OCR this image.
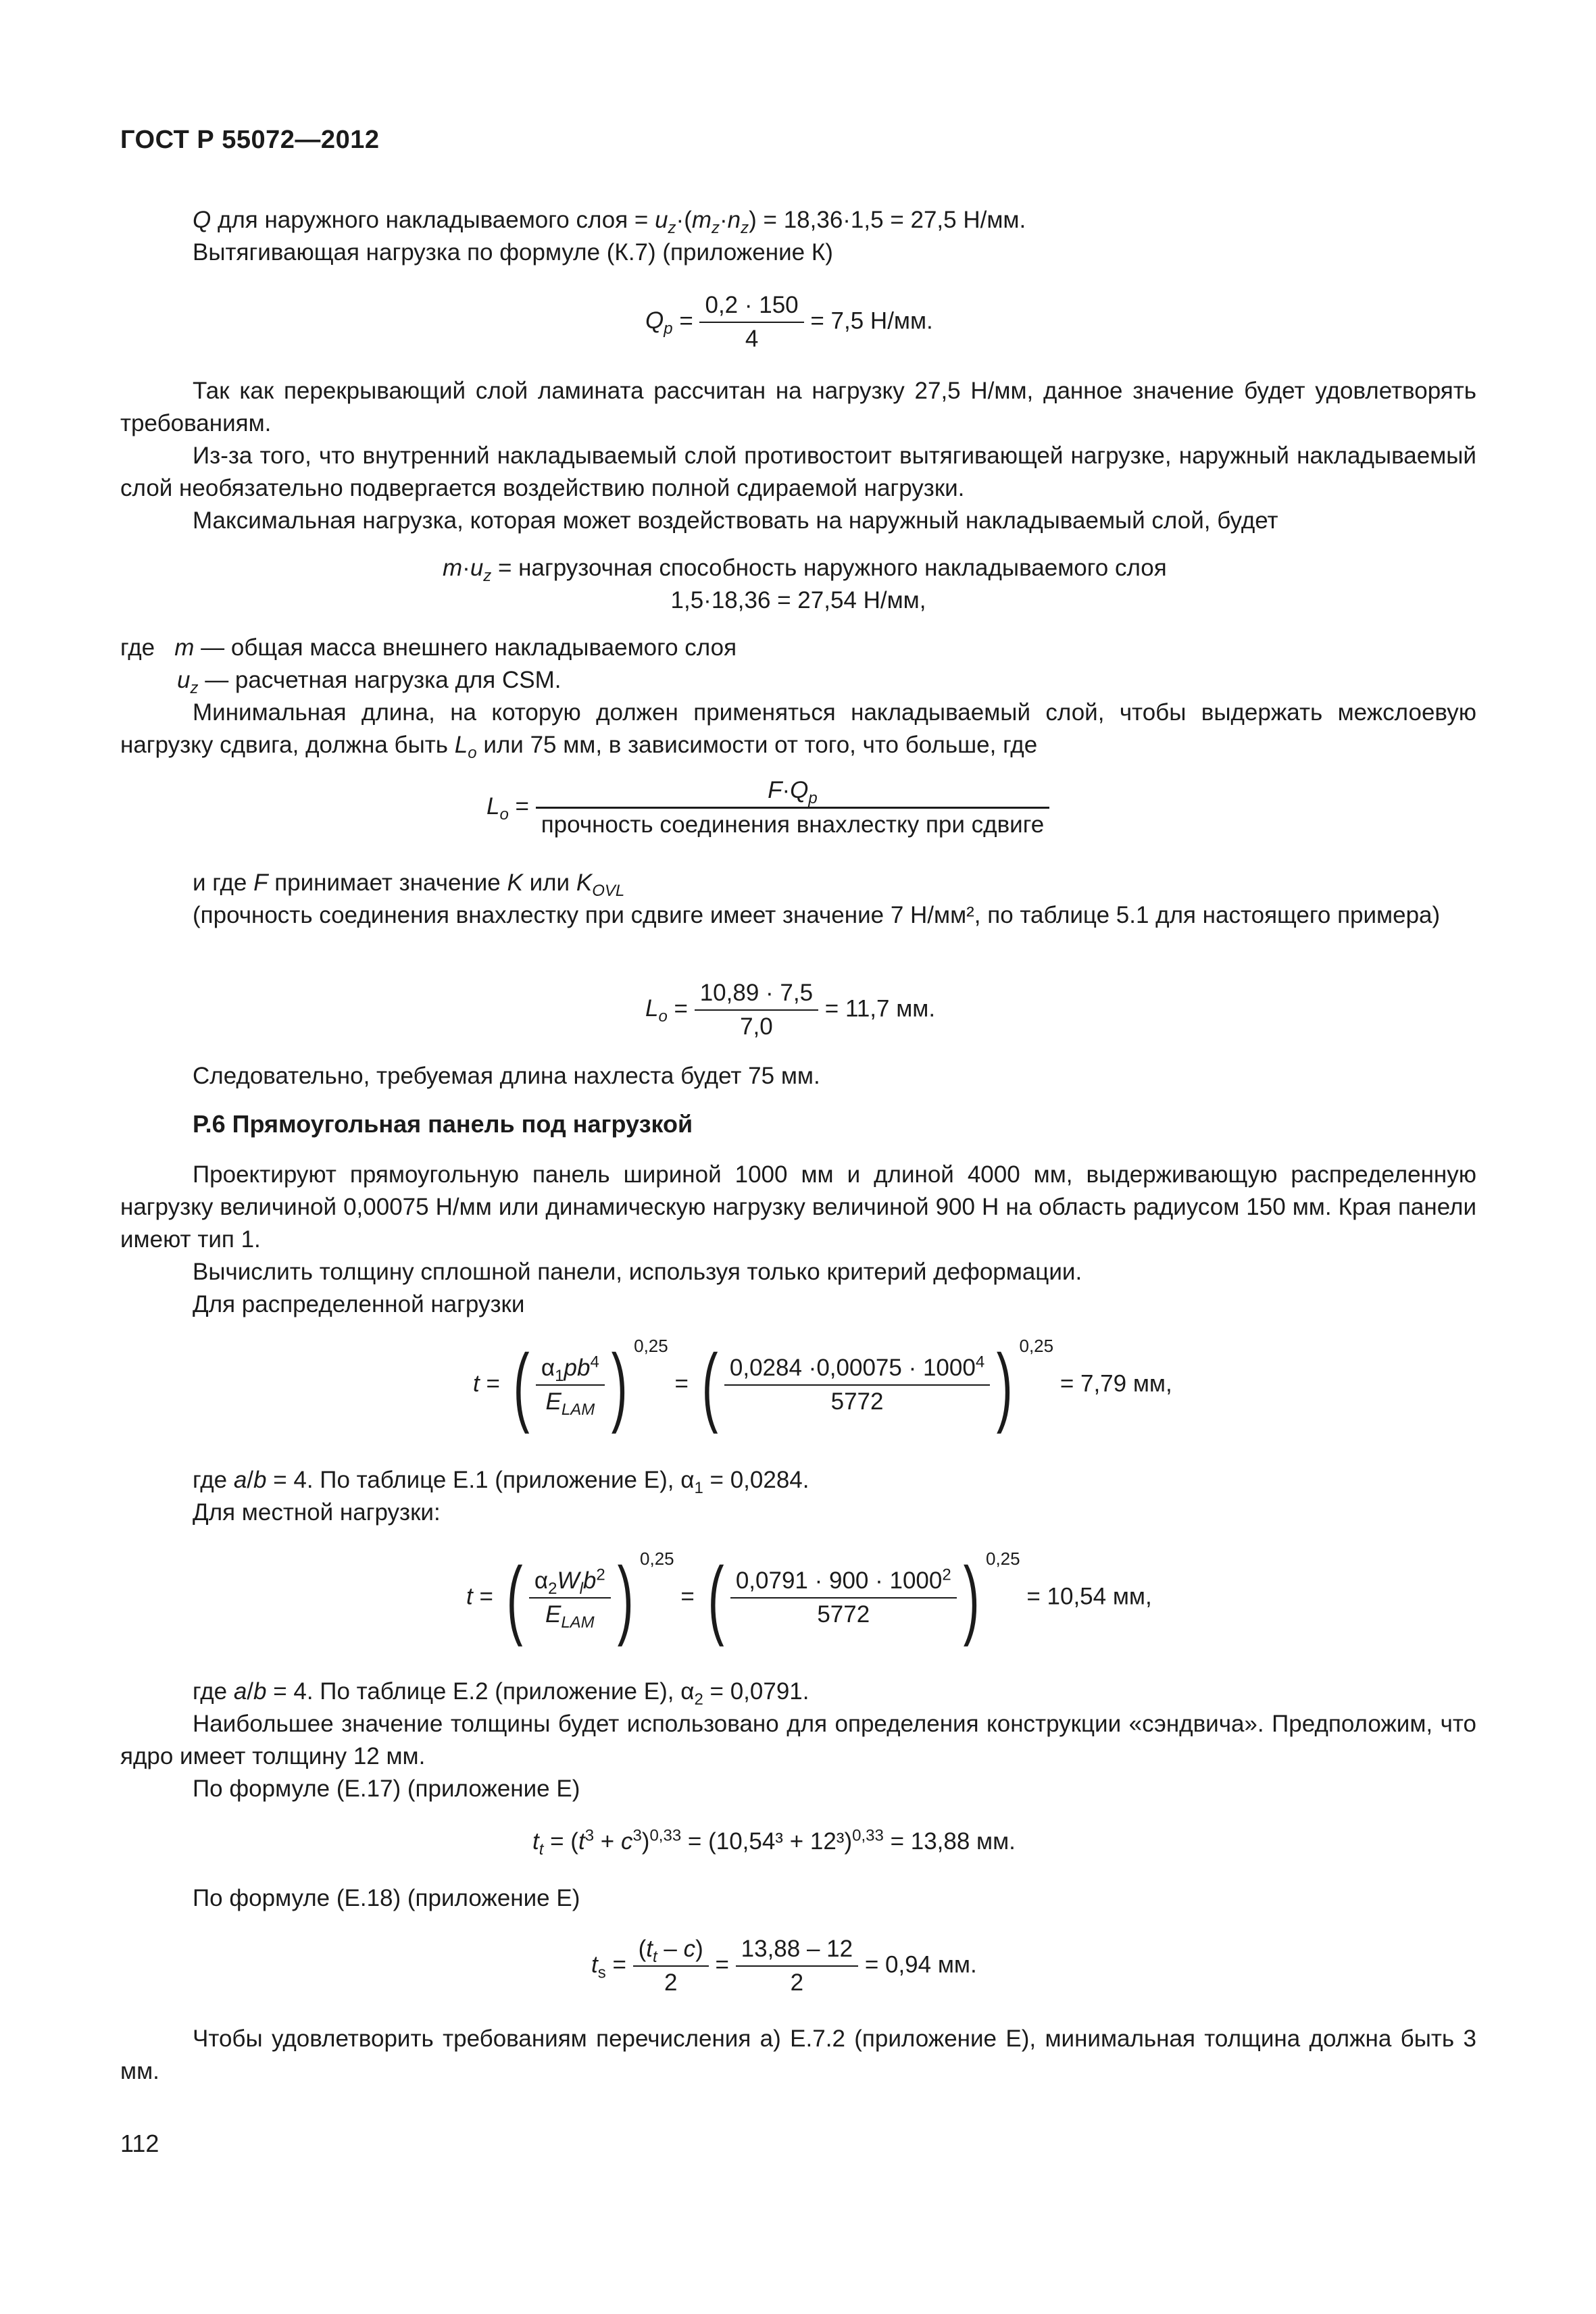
ГОСТ Р 55072—2012
Q для наружного накладываемого слоя = $u_z\cdot(m_z\cdot n_z) = 18,36\cdot 1,5 = 27,5$ Н/мм.
Вытягивающая нагрузка по формуле (К.7) (приложение К)
$Q_p = \frac{0,2 \cdot 150}{4} = 7,5$ Н/мм.
Так как перекрывающий слой ламината рассчитан на нагрузку 27,5 Н/мм, данное значение будет удовлетворять требованиям.
Из-за того, что внутренний накладываемый слой противостоит вытягивающей нагрузке, наружный накладываемый слой необязательно подвергается воздействию полной сдираемой нагрузки.
Максимальная нагрузка, которая может воздействовать на наружный накладываемый слой, будет
$m\cdot u_z$ = нагрузочная способность наружного накладываемого слоя
1,5·18,36 = 27,54 Н/мм,
где   m — общая масса внешнего накладываемого слоя
$u_z$ — расчетная нагрузка для CSM.
Минимальная длина, на которую должен применяться накладываемый слой, чтобы выдержать межслоевую нагрузку сдвига, должна быть $L_o$ или 75 мм, в зависимости от того, что больше, где
$L_o = \frac{F\cdot Q_p}{\text{прочность соединения внахлестку при сдвиге}}$
и где F принимает значение K или $K_{OVL}$
(прочность соединения внахлестку при сдвиге имеет значение 7 Н/мм², по таблице 5.1 для настоящего примера)
$L_o = \frac{10,89 \cdot 7,5}{7,0} = 11,7$ мм.
Следовательно, требуемая длина нахлеста будет 75 мм.
Р.6 Прямоугольная панель под нагрузкой
Проектируют прямоугольную панель шириной 1000 мм и длиной 4000 мм, выдерживающую распределенную нагрузку величиной 0,00075 Н/мм или динамическую нагрузку величиной 900 Н на область радиусом 150 мм. Края панели имеют тип 1.
Вычислить толщину сплошной панели, используя только критерий деформации.
Для распределенной нагрузки
t = ( $\frac{\alpha_1pb^4}{E_{LAM}}$ ) 0,25 = ( $\frac{0,0284 \cdot 0,00075 \cdot 1000^4}{5772}$ ) 0,25 = 7,79 мм,
где a/b = 4. По таблице Е.1 (приложение Е), $\alpha_1 = 0,0284$.
Для местной нагрузки:
t = ( $\frac{\alpha_2W_lb^2}{E_{LAM}}$ ) 0,25 = ( $\frac{0,0791 \cdot 900 \cdot 1000^2}{5772}$ ) 0,25 = 10,54 мм,
где a/b = 4. По таблице Е.2 (приложение Е), $\alpha_2 = 0,0791$.
Наибольшее значение толщины будет использовано для определения конструкции «сэндвича». Предположим, что ядро имеет толщину 12 мм.
По формуле (Е.17) (приложение Е)
$t_t = (t^3 + c^3)^{0,33} = (10,54^3 + 12^3)^{0,33} = 13,88$ мм.
По формуле (Е.18) (приложение Е)
$t_s = \frac{(t_t - c)}{2} = \frac{13,88 - 12}{2} = 0,94$ мм.
Чтобы удовлетворить требованиям перечисления а) Е.7.2 (приложение Е), минимальная толщина должна быть 3 мм.
112
